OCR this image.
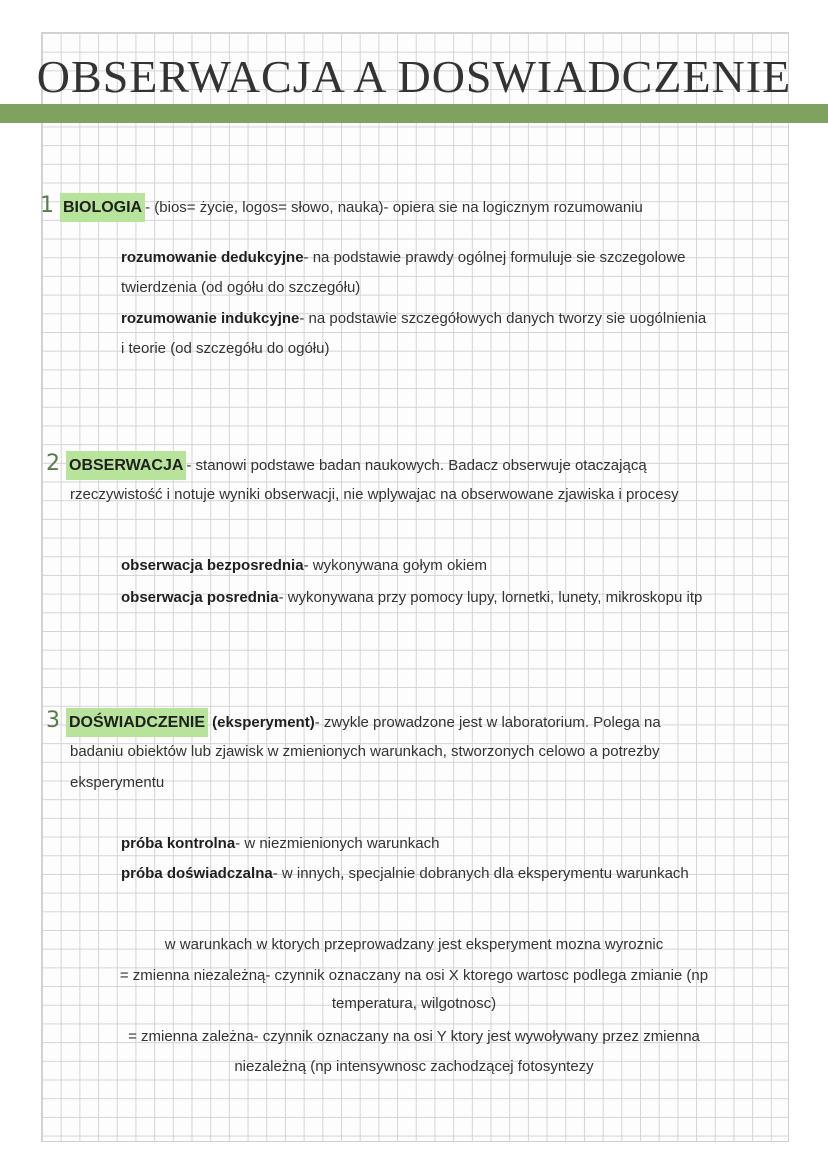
OBSERWACJA A DOSWIADCZENIE
1 BIOLOGIA - (bios= życie, logos= słowo, nauka)- opiera sie na logicznym rozumowaniu
rozumowanie dedukcyjne- na podstawie prawdy ogólnej formuluje sie szczegolowe
twierdzenia (od ogółu do szczegółu)
rozumowanie indukcyjne- na podstawie szczegółowych danych tworzy sie uogólnienia
i teorie (od szczegółu do ogółu)
2 OBSERWACJA - stanowi podstawe badan naukowych. Badacz obserwuje otaczającą
rzeczywistość i notuje wyniki obserwacji, nie wplywajac na obserwowane zjawiska i procesy
obserwacja bezposrednia- wykonywana gołym okiem
obserwacja posrednia- wykonywana przy pomocy lupy, lornetki, lunety, mikroskopu itp
3 DOŚWIADCZENIE (eksperyment)- zwykle prowadzone jest w laboratorium. Polega na
badaniu obiektów lub zjawisk w zmienionych warunkach, stworzonych celowo a potrezby
eksperymentu
próba kontrolna- w niezmienionych warunkach
próba doświadczalna- w innych, specjalnie dobranych dla eksperymentu warunkach
w warunkach w ktorych przeprowadzany jest eksperyment mozna wyroznic
= zmienna niezależną- czynnik oznaczany na osi X ktorego wartosc podlega zmianie (np
temperatura, wilgotnosc)
= zmienna zależna- czynnik oznaczany na osi Y ktory jest wywoływany przez zmienna
niezależną (np intensywnosc zachodzącej fotosyntezy
